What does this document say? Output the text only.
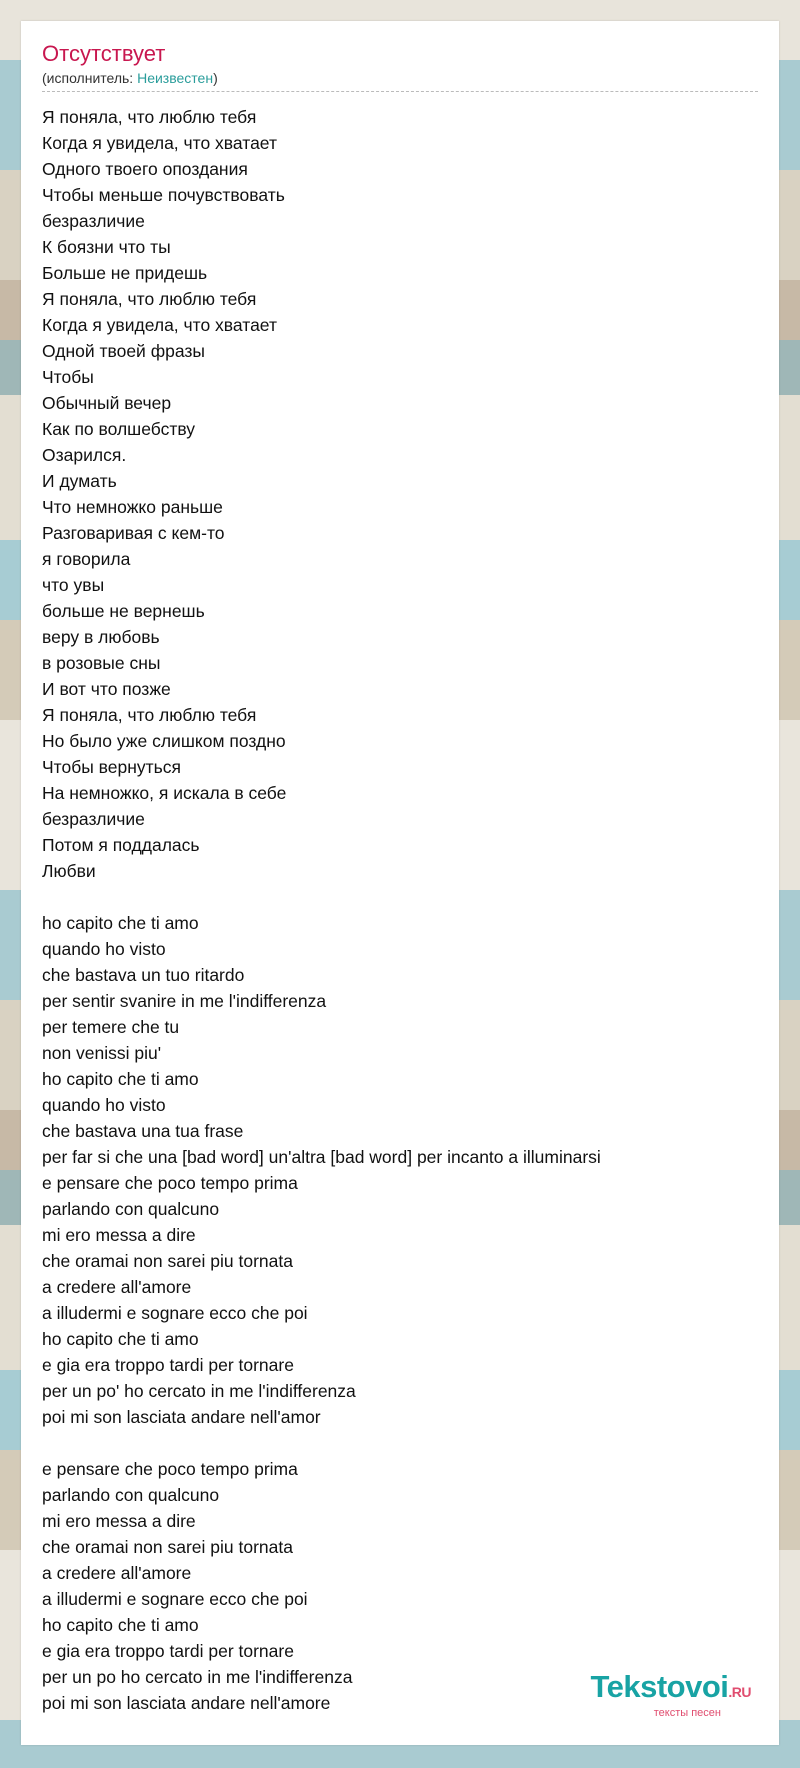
Отсутствует
(исполнитель: Неизвестен)
Я поняла, что люблю тебя
Когда я увидела, что хватает
Одного твоего опоздания
Чтобы меньше почувствовать
безразличие
К боязни что ты
Больше не придешь
Я поняла, что люблю тебя
Когда я увидела, что хватает
Одной твоей фразы
Чтобы
Обычный вечер
Как по волшебству
Озарился.
И думать
Что немножко раньше
Разговаривая с кем-то
я говорила
что увы
больше не вернешь
веру в любовь
в розовые сны
И вот что позже
Я поняла, что люблю тебя
Но было уже слишком поздно
Чтобы вернуться
На немножко, я искала в себе
безразличие
Потом я поддалась
Любви
ho capito che ti amo
quando ho visto
che bastava un tuo ritardo
per sentir svanire in me l'indifferenza
per temere che tu
non venissi piu'
ho capito che ti amo
quando ho visto
che bastava una tua frase
per far si che una [bad word] un'altra [bad word] per incanto a illuminarsi
e pensare che poco tempo prima
parlando con qualcuno
mi ero messa a dire
che oramai non sarei piu tornata
a credere all'amore
a illudermi e sognare ecco che poi
ho capito che ti amo
e gia era troppo tardi per tornare
per un po' ho cercato in me l'indifferenza
poi mi son lasciata andare nell'amor
e pensare che poco tempo prima
parlando con qualcuno
mi ero messa a dire
che oramai non sarei piu tornata
a credere all'amore
a illudermi e sognare ecco che poi
ho capito che ti amo
e gia era troppo tardi per tornare
per un po ho cercato in me l'indifferenza
poi mi son lasciata andare nell'amore	Tekstovoi.RU
тексты песен
